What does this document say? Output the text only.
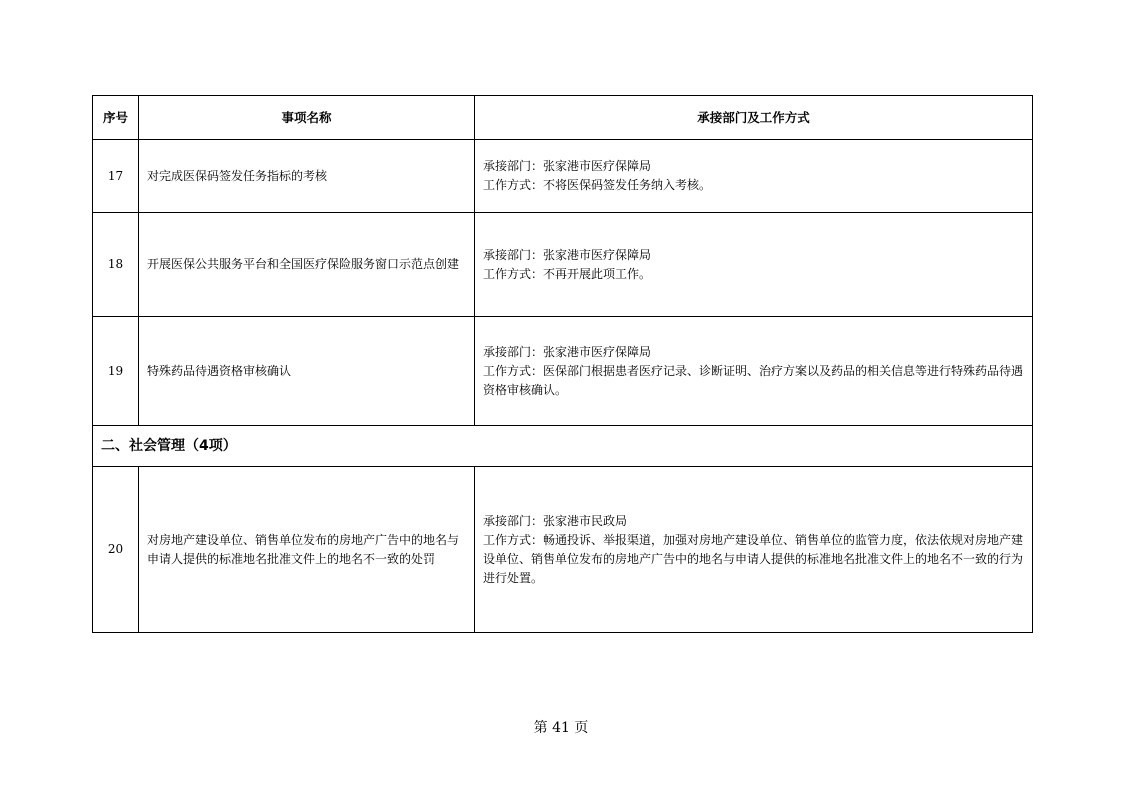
序号	事项名称	承接部门及工作方式
17	对完成医保码签发任务指标的考核	承接部门：张家港市医疗保障局
工作方式：不将医保码签发任务纳入考核。

18	开展医保公共服务平台和全国医疗保险服务窗口示范点创建	承接部门：张家港市医疗保障局
工作方式：不再开展此项工作。

19	特殊药品待遇资格审核确认	承接部门：张家港市医疗保障局
工作方式：医保部门根据患者医疗记录、诊断证明、治疗方案以及药品的相关信息等进行特殊药品待遇资格审核确认。

二、社会管理（4项）		
20	对房地产建设单位、销售单位发布的房地产广告中的地名与申请人提供的标准地名批准文件上的地名不一致的处罚	承接部门：张家港市民政局
工作方式：畅通投诉、举报渠道，加强对房地产建设单位、销售单位的监管力度，依法依规对房地产建设单位、销售单位发布的房地产广告中的地名与申请人提供的标准地名批准文件上的地名不一致的行为进行处置。
第 41 页
